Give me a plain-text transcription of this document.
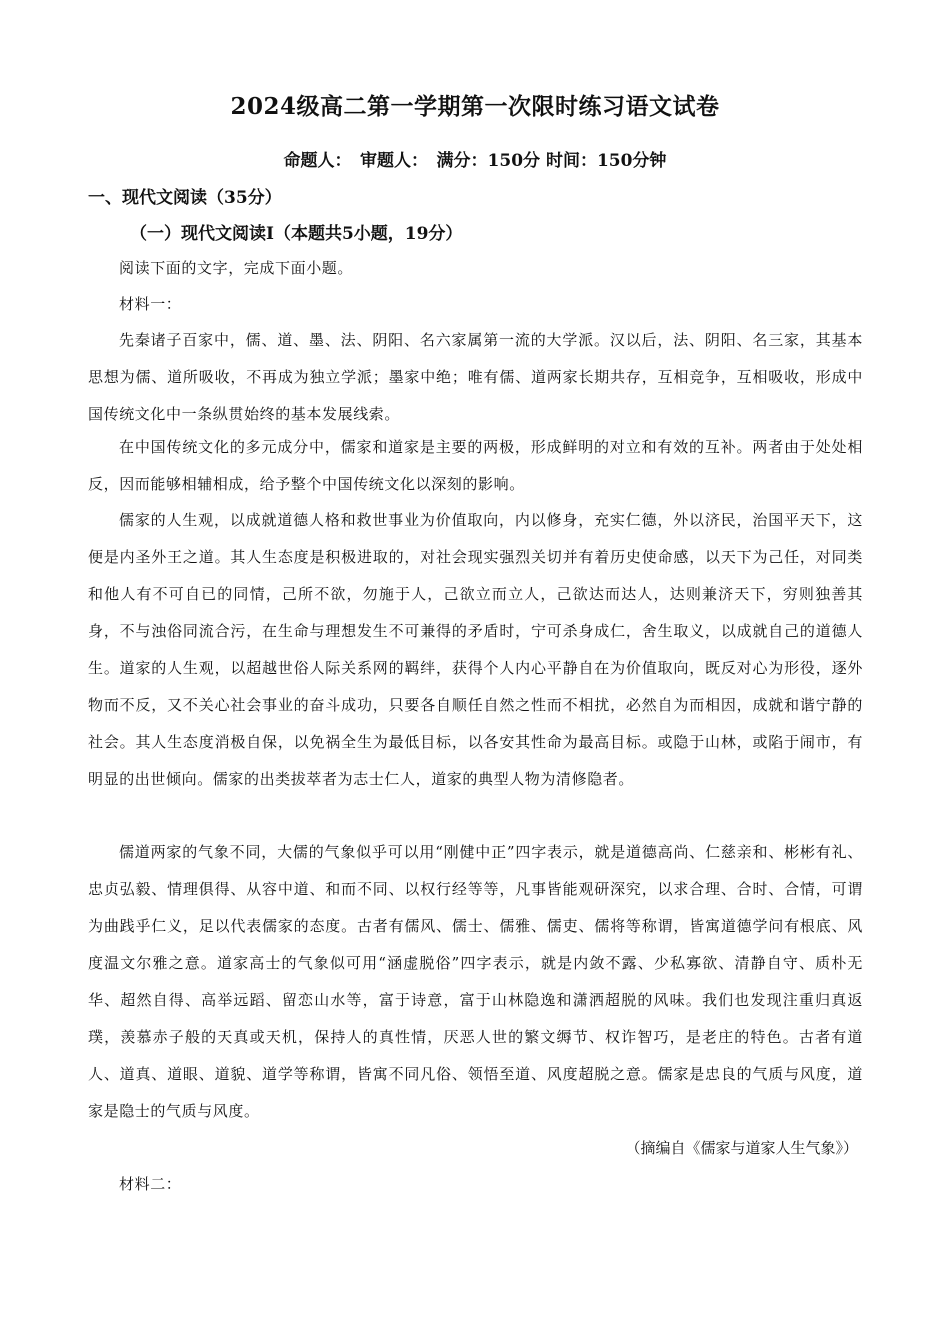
2024级高二第一学期第一次限时练习语文试卷
命题人：　审题人：　满分：150分 时间：150分钟
一、现代文阅读（35分）
（一）现代文阅读Ⅰ（本题共5小题，19分）
阅读下面的文字，完成下面小题。
材料一：
先秦诸子百家中，儒、道、墨、法、阴阳、名六家属第一流的大学派。汉以后，法、阴阳、名三家，其基本思想为儒、道所吸收，不再成为独立学派；墨家中绝；唯有儒、道两家长期共存，互相竞争，互相吸收，形成中国传统文化中一条纵贯始终的基本发展线索。
在中国传统文化的多元成分中，儒家和道家是主要的两极，形成鲜明的对立和有效的互补。两者由于处处相反，因而能够相辅相成，给予整个中国传统文化以深刻的影响。
儒家的人生观，以成就道德人格和救世事业为价值取向，内以修身，充实仁德，外以济民，治国平天下，这便是内圣外王之道。其人生态度是积极进取的，对社会现实强烈关切并有着历史使命感，以天下为己任，对同类和他人有不可自已的同情，己所不欲，勿施于人，己欲立而立人，己欲达而达人，达则兼济天下，穷则独善其身，不与浊俗同流合污，在生命与理想发生不可兼得的矛盾时，宁可杀身成仁，舍生取义，以成就自己的道德人生。道家的人生观，以超越世俗人际关系网的羁绊，获得个人内心平静自在为价值取向，既反对心为形役，逐外物而不反，又不关心社会事业的奋斗成功，只要各自顺任自然之性而不相扰，必然自为而相因，成就和谐宁静的社会。其人生态度消极自保，以免祸全生为最低目标，以各安其性命为最高目标。或隐于山林，或陷于闹市，有明显的出世倾向。儒家的出类拔萃者为志士仁人，道家的典型人物为清修隐者。
儒道两家的气象不同，大儒的气象似乎可以用“刚健中正”四字表示，就是道德高尚、仁慈亲和、彬彬有礼、忠贞弘毅、情理俱得、从容中道、和而不同、以权行经等等，凡事皆能观研深究，以求合理、合时、合情，可谓为曲践乎仁义，足以代表儒家的态度。古者有儒风、儒士、儒雅、儒吏、儒将等称谓，皆寓道德学问有根底、风度温文尔雅之意。道家高士的气象似可用“涵虚脱俗”四字表示，就是内敛不露、少私寡欲、清静自守、质朴无华、超然自得、高举远蹈、留恋山水等，富于诗意，富于山林隐逸和潇洒超脱的风味。我们也发现注重归真返璞，羡慕赤子般的天真或天机，保持人的真性情，厌恶人世的繁文缛节、权诈智巧，是老庄的特色。古者有道人、道真、道眼、道貌、道学等称谓，皆寓不同凡俗、领悟至道、风度超脱之意。儒家是忠良的气质与风度，道家是隐士的气质与风度。
（摘编自《儒家与道家人生气象》）
材料二：
